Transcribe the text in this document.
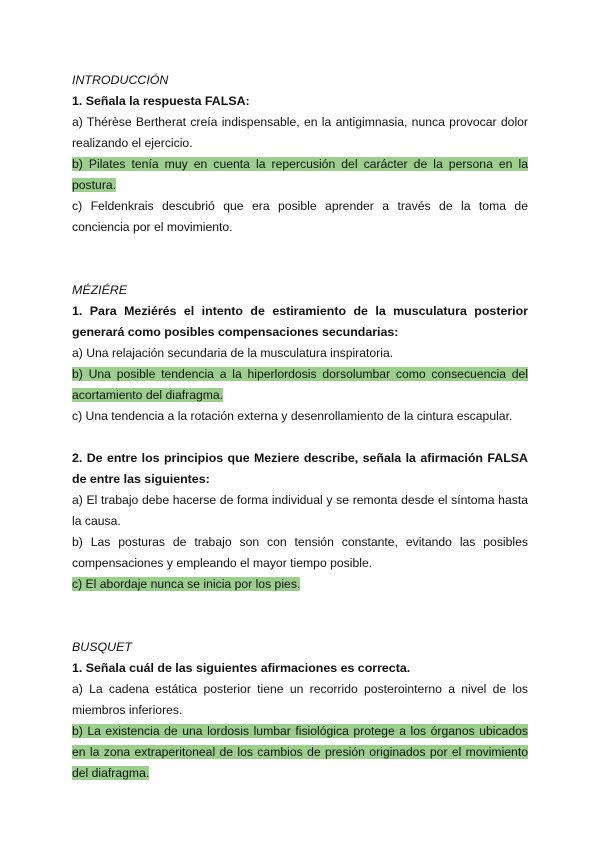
INTRODUCCIÓN
1. Señala la respuesta FALSA:
a) Thérèse Bertherat creía indispensable, en la antigimnasia, nunca provocar dolor realizando el ejercicio.
b) Pilates tenía muy en cuenta la repercusión del carácter de la persona en la postura.
c) Feldenkrais descubrió que era posible aprender a través de la toma de conciencia por el movimiento.
MÉZIÉRE
1. Para Meziérés el intento de estiramiento de la musculatura posterior generará como posibles compensaciones secundarias:
a) Una relajación secundaria de la musculatura inspiratoria.
b) Una posible tendencia a la hiperlordosis dorsolumbar como consecuencia del acortamiento del diafragma.
c) Una tendencia a la rotación externa y desenrollamiento de la cintura escapular.
2. De entre los principios que Meziere describe, señala la afirmación FALSA de entre las siguientes:
a) El trabajo debe hacerse de forma individual y se remonta desde el síntoma hasta la causa.
b) Las posturas de trabajo son con tensión constante, evitando las posibles compensaciones y empleando el mayor tiempo posible.
c) El abordaje nunca se inicia por los pies.
BUSQUET
1. Señala cuál de las siguientes afirmaciones es correcta.
a) La cadena estática posterior tiene un recorrido posterointerno a nivel de los miembros inferiores.
b) La existencia de una lordosis lumbar fisiológica protege a los órganos ubicados en la zona extraperitoneal de los cambios de presión originados por el movimiento del diafragma.
